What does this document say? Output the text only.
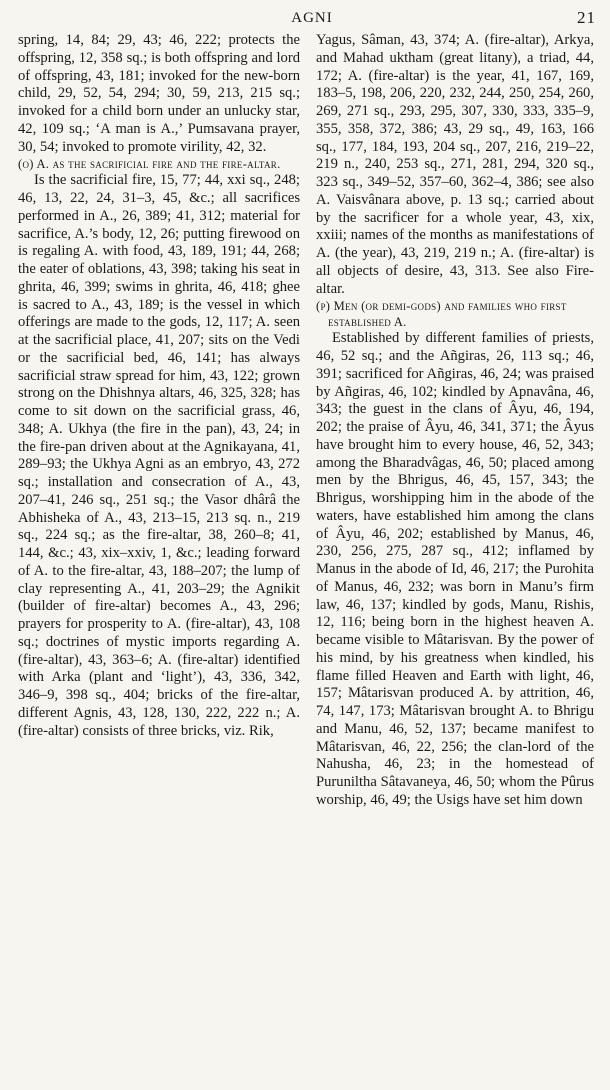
AGNI	21

spring, 14, 84; 29, 43; 46, 222; protects the offspring, 12, 358 sq.; is both offspring and lord of offspring, 43, 181; invoked for the new-born child, 29, 52, 54, 294; 30, 59, 213, 215 sq.; invoked for a child born under an unlucky star, 42, 109 sq.; ‘A man is A.,’ Pumsavana prayer, 30, 54; invoked to promote virility, 42, 32.

(o) A. as the sacrificial fire and the fire-altar.

Is the sacrificial fire, 15, 77; 44, xxi sq., 248; 46, 13, 22, 24, 31–3, 45, &c.; all sacrifices performed in A., 26, 389; 41, 312; material for sacrifice, A.’s body, 12, 26; putting firewood on is regaling A. with food, 43, 189, 191; 44, 268; the eater of oblations, 43, 398; taking his seat in ghrita, 46, 399; swims in ghrita, 46, 418; ghee is sacred to A., 43, 189; is the vessel in which offerings are made to the gods, 12, 117; A. seen at the sacrificial place, 41, 207; sits on the Vedi or the sacrificial bed, 46, 141; has always sacrificial straw spread for him, 43, 122; grown strong on the Dhishnya altars, 46, 325, 328; has come to sit down on the sacrificial grass, 46, 348; A. Ukhya (the fire in the pan), 43, 24; in the fire-pan driven about at the Agnikayana, 41, 289–93; the Ukhya Agni as an embryo, 43, 272 sq.; installation and consecration of A., 43, 207–41, 246 sq., 251 sq.; the Vasor dhârâ the Abhisheka of A., 43, 213–15, 213 sq. n., 219 sq., 224 sq.; as the fire-altar, 38, 260–8; 41, 144, &c.; 43, xix–xxiv, 1, &c.; leading forward of A. to the fire-altar, 43, 188–207; the lump of clay representing A., 41, 203–29; the Agnikit (builder of fire-altar) becomes A., 43, 296; prayers for prosperity to A. (fire-altar), 43, 108 sq.; doctrines of mystic imports regarding A. (fire-altar), 43, 363–6; A. (fire-altar) identified with Arka (plant and ‘light’), 43, 336, 342, 346–9, 398 sq., 404; bricks of the fire-altar, different Agnis, 43, 128, 130, 222, 222 n.; A. (fire-altar) consists of three bricks, viz. Rik,

Yagus, Sâman, 43, 374; A. (fire-altar), Arkya, and Mahad uktham (great litany), a triad, 44, 172; A. (fire-altar) is the year, 41, 167, 169, 183–5, 198, 206, 220, 232, 244, 250, 254, 260, 269, 271 sq., 293, 295, 307, 330, 333, 335–9, 355, 358, 372, 386; 43, 29 sq., 49, 163, 166 sq., 177, 184, 193, 204 sq., 207, 216, 219–22, 219 n., 240, 253 sq., 271, 281, 294, 320 sq., 323 sq., 349–52, 357–60, 362–4, 386; see also A. Vaisvânara above, p. 13 sq.; carried about by the sacrificer for a whole year, 43, xix, xxiii; names of the months as manifestations of A. (the year), 43, 219, 219 n.; A. (fire-altar) is all objects of desire, 43, 313. See also Fire-altar.

(p) Men (or demi-gods) and families who first established A.

Established by different families of priests, 46, 52 sq.; and the Añgiras, 26, 113 sq.; 46, 391; sacrificed for Añgiras, 46, 24; was praised by Añgiras, 46, 102; kindled by Apnavâna, 46, 343; the guest in the clans of Âyu, 46, 194, 202; the praise of Âyu, 46, 341, 371; the Âyus have brought him to every house, 46, 52, 343; among the Bharadvâgas, 46, 50; placed among men by the Bhrigus, 46, 45, 157, 343; the Bhrigus, worshipping him in the abode of the waters, have established him among the clans of Âyu, 46, 202; established by Manus, 46, 230, 256, 275, 287 sq., 412; inflamed by Manus in the abode of Id, 46, 217; the Purohita of Manus, 46, 232; was born in Manu’s firm law, 46, 137; kindled by gods, Manu, Rishis, 12, 116; being born in the highest heaven A. became visible to Mâtarisvan. By the power of his mind, by his greatness when kindled, his flame filled Heaven and Earth with light, 46, 157; Mâtarisvan produced A. by attrition, 46, 74, 147, 173; Mâtarisvan brought A. to Bhrigu and Manu, 46, 52, 137; became manifest to Mâtarisvan, 46, 22, 256; the clan-lord of the Nahusha, 46, 23; in the homestead of Puruniltha Sâtavaneya, 46, 50; whom the Pûrus worship, 46, 49; the Usigs have set him down
